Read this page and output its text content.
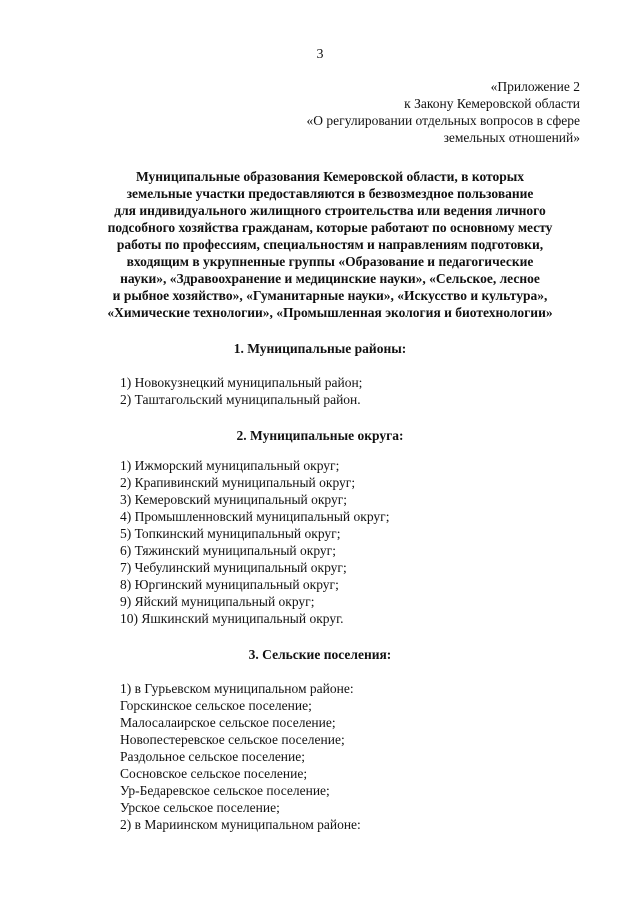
3
«Приложение 2
к Закону Кемеровской области
«О регулировании отдельных вопросов в сфере
земельных отношений»
Муниципальные образования Кемеровской области, в которых
земельные участки предоставляются в безвозмездное пользование
для индивидуального жилищного строительства или ведения личного
подсобного хозяйства гражданам, которые работают по основному месту
работы по профессиям, специальностям и направлениям подготовки,
входящим в укрупненные группы «Образование и педагогические
науки», «Здравоохранение и медицинские науки», «Сельское, лесное
и рыбное хозяйство», «Гуманитарные науки», «Искусство и культура»,
«Химические технологии», «Промышленная экология и биотехнологии»
1. Муниципальные районы:
1) Новокузнецкий муниципальный район;
2) Таштагольский муниципальный район.
2. Муниципальные округа:
1) Ижморский муниципальный округ;
2) Крапивинский муниципальный округ;
3) Кемеровский муниципальный округ;
4) Промышленновский муниципальный округ;
5) Топкинский муниципальный округ;
6) Тяжинский муниципальный округ;
7) Чебулинский муниципальный округ;
8) Юргинский муниципальный округ;
9) Яйский муниципальный округ;
10) Яшкинский муниципальный округ.
3. Сельские поселения:
1) в Гурьевском муниципальном районе:
Горскинское сельское поселение;
Малосалаирское сельское поселение;
Новопестеревское сельское поселение;
Раздольное сельское поселение;
Сосновское сельское поселение;
Ур-Бедаревское сельское поселение;
Урское сельское поселение;
2) в Мариинском муниципальном районе:
